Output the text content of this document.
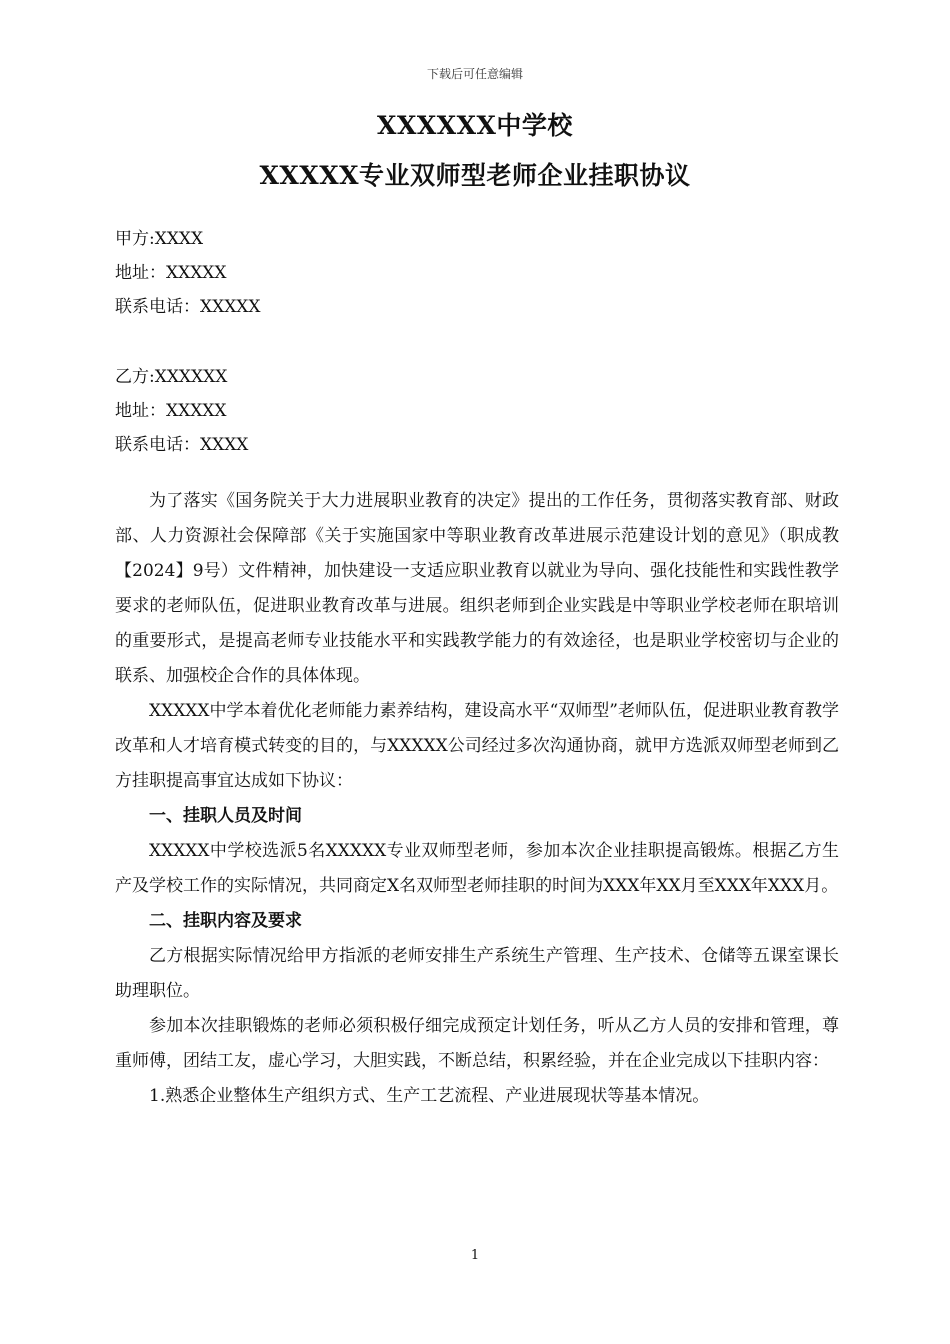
下载后可任意编辑
XXXXXX中学校
XXXXX专业双师型老师企业挂职协议
甲方:XXXX
地址：XXXXX
联系电话：XXXXX
乙方:XXXXXX
地址：XXXXX
联系电话：XXXX

为了落实《国务院关于大力进展职业教育的决定》提出的工作任务，贯彻落实教育部、财政部、人力资源社会保障部《关于实施国家中等职业教育改革进展示范建设计划的意见》（职成教【2024】9号）文件精神，加快建设一支适应职业教育以就业为导向、强化技能性和实践性教学要求的老师队伍，促进职业教育改革与进展。组织老师到企业实践是中等职业学校老师在职培训的重要形式，是提高老师专业技能水平和实践教学能力的有效途径，也是职业学校密切与企业的联系、加强校企合作的具体体现。

XXXXX中学本着优化老师能力素养结构，建设高水平“双师型”老师队伍，促进职业教育教学改革和人才培育模式转变的目的，与XXXXX公司经过多次沟通协商，就甲方选派双师型老师到乙方挂职提高事宜达成如下协议：

一、挂职人员及时间

XXXXX中学校选派5名XXXXX专业双师型老师，参加本次企业挂职提高锻炼。根据乙方生产及学校工作的实际情况，共同商定X名双师型老师挂职的时间为XXX年XX月至XXX年XXX月。

二、挂职内容及要求

乙方根据实际情况给甲方指派的老师安排生产系统生产管理、生产技术、仓储等五课室课长助理职位。

参加本次挂职锻炼的老师必须积极仔细完成预定计划任务，听从乙方人员的安排和管理，尊重师傅，团结工友，虚心学习，大胆实践，不断总结，积累经验，并在企业完成以下挂职内容：

1.熟悉企业整体生产组织方式、生产工艺流程、产业进展现状等基本情况。

1
